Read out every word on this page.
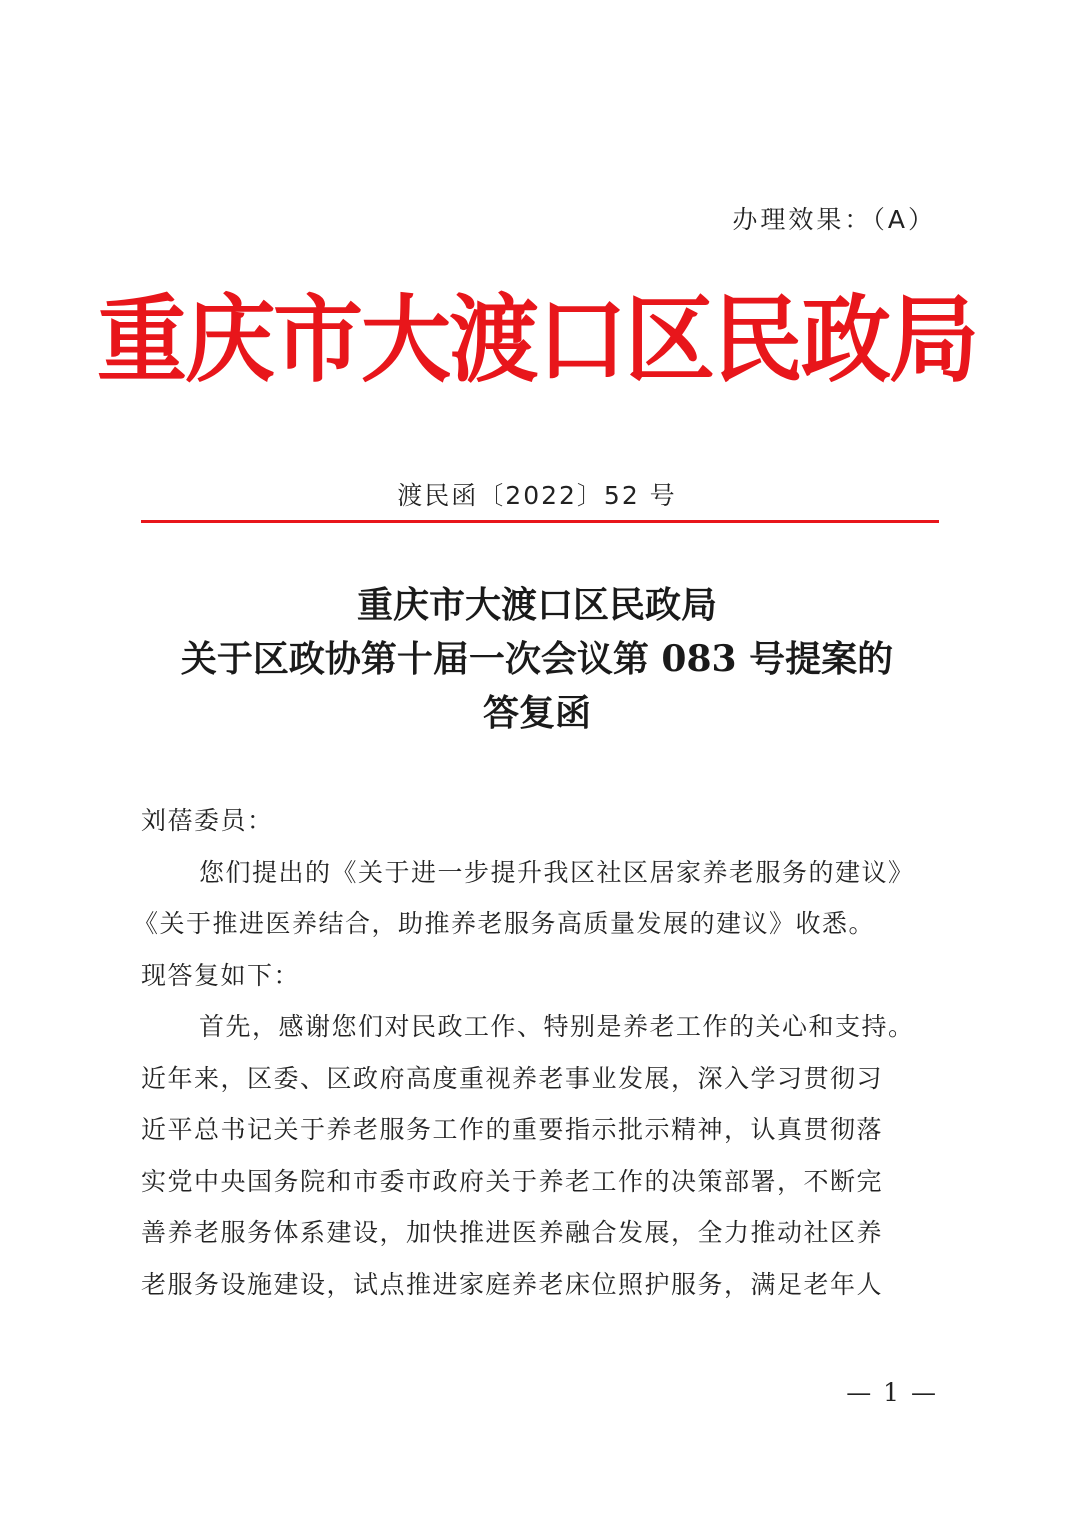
办理效果：（A）
重庆市大渡口区民政局
渡民函〔2022〕52 号
重庆市大渡口区民政局
关于区政协第十届一次会议第 083 号提案的
答复函
刘蓓委员：
您们提出的《关于进一步提升我区社区居家养老服务的建议》
《关于推进医养结合，助推养老服务高质量发展的建议》收悉。
现答复如下：
首先，感谢您们对民政工作、特别是养老工作的关心和支持。
近年来，区委、区政府高度重视养老事业发展，深入学习贯彻习
近平总书记关于养老服务工作的重要指示批示精神，认真贯彻落
实党中央国务院和市委市政府关于养老工作的决策部署，不断完
善养老服务体系建设，加快推进医养融合发展，全力推动社区养
老服务设施建设，试点推进家庭养老床位照护服务，满足老年人
— 1 —
